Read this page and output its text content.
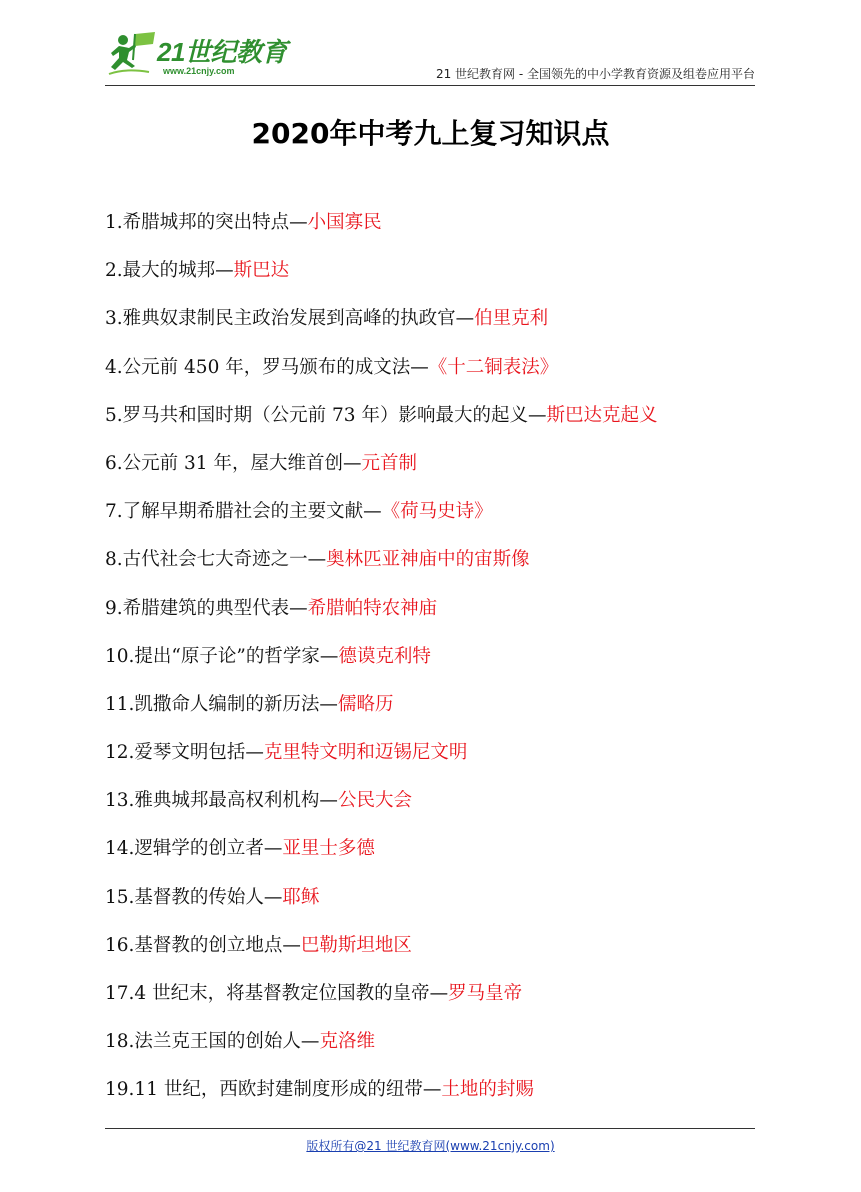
21世纪教育
www.21cnjy.com	21 世纪教育网 - 全国领先的中小学教育资源及组卷应用平台
2020年中考九上复习知识点
1.希腊城邦的突出特点—小国寡民
2.最大的城邦—斯巴达
3.雅典奴隶制民主政治发展到高峰的执政官—伯里克利
4.公元前 450 年，罗马颁布的成文法—《十二铜表法》
5.罗马共和国时期（公元前 73 年）影响最大的起义—斯巴达克起义
6.公元前 31 年，屋大维首创—元首制
7.了解早期希腊社会的主要文献—《荷马史诗》
8.古代社会七大奇迹之一—奥林匹亚神庙中的宙斯像
9.希腊建筑的典型代表—希腊帕特农神庙
10.提出“原子论”的哲学家—德谟克利特
11.凯撒命人编制的新历法—儒略历
12.爱琴文明包括—克里特文明和迈锡尼文明
13.雅典城邦最高权利机构—公民大会
14.逻辑学的创立者—亚里士多德
15.基督教的传始人—耶稣
16.基督教的创立地点—巴勒斯坦地区
17.4 世纪末，将基督教定位国教的皇帝—罗马皇帝
18.法兰克王国的创始人—克洛维
19.11 世纪，西欧封建制度形成的纽带—土地的封赐
版权所有@21 世纪教育网(www.21cnjy.com)
